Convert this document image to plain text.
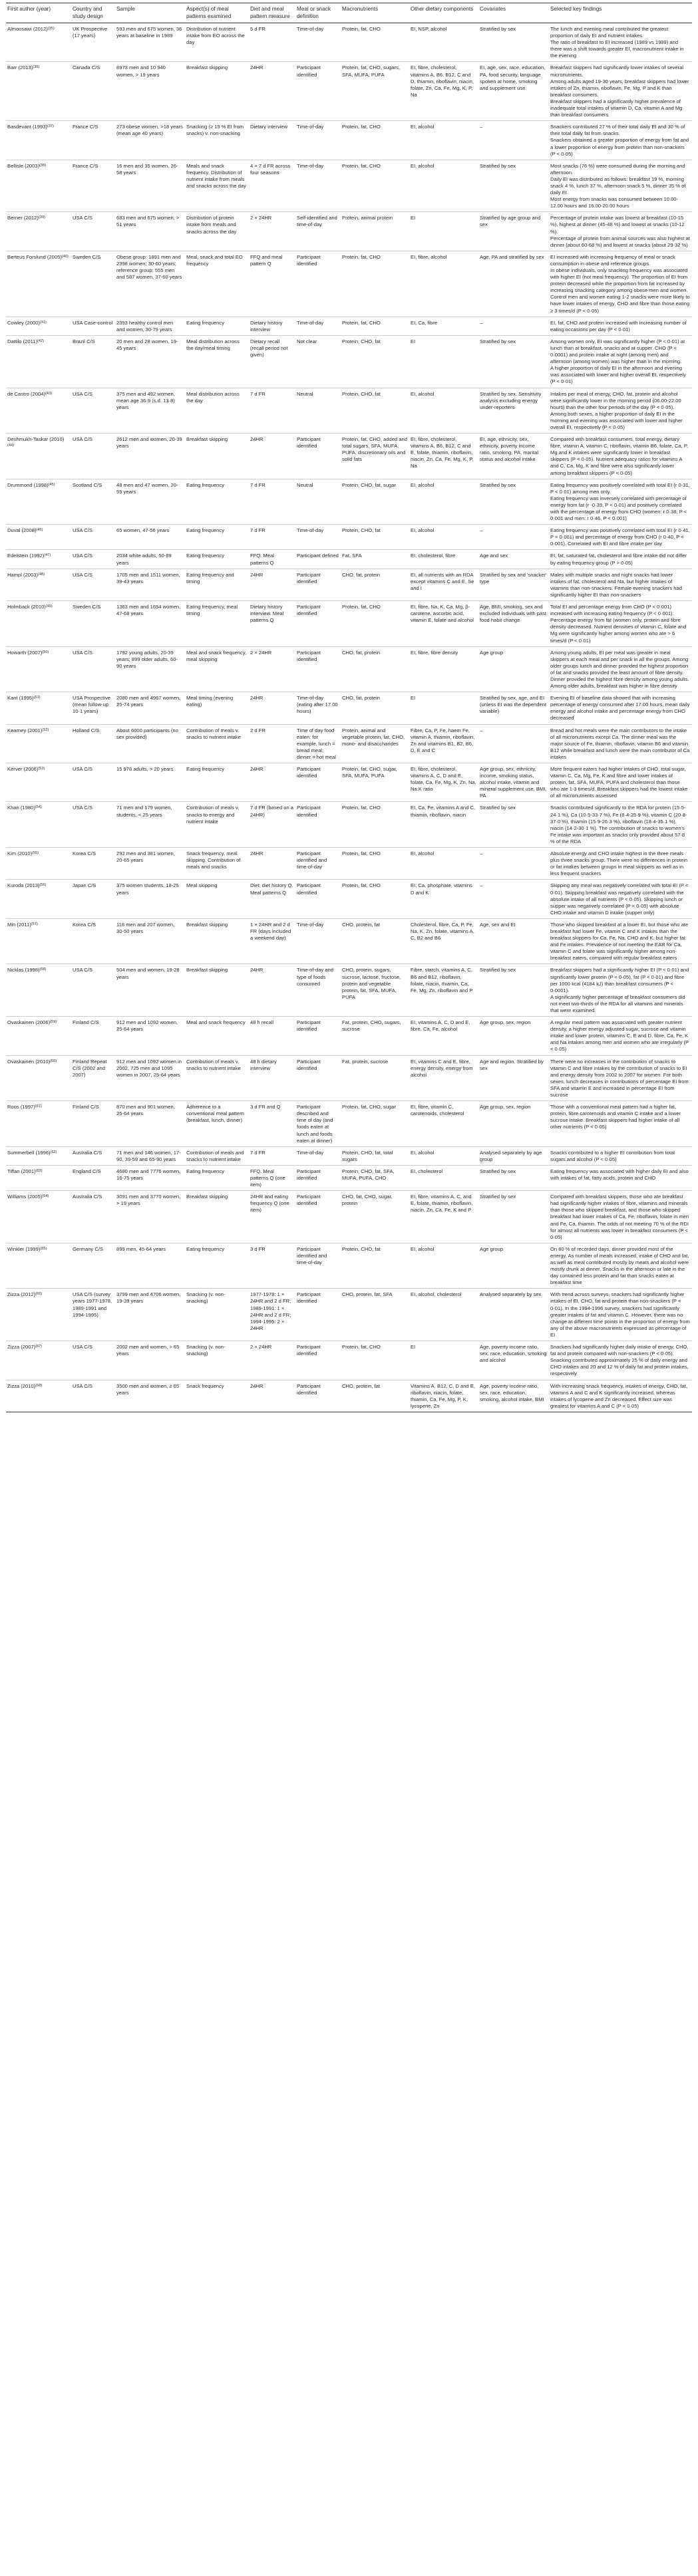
First author (year)	Country and study design	Sample	Aspect(s) of meal patterns examined	Diet and meal pattern measure	Meal or snack definition	Macronutrients	Other dietary components	Covariates	Selected key findings
Almoosawi $(2012)^{(35)}$	UK Prospective (17 years)	593 men and 675 women, 36 years at baseline in 1989	Distribution of nutrient intake from EO across the day	5 d FR	Time-of-day	Protein, fat, CHO	EI, NSP, alcohol	Stratified by sex	The lunch and evening meal contributed the greatest proportion of daily EI and nutrient intakes.
The ratio of breakfast to EI increased (1989 vs 1999) and there was a shift towards greater EI, macronutrient intake in the evening
Barr $(2013)^{(36)}$	Canada C/S	8973 men and 10 940 women, > 19 years	Breakfast skipping	24HR	Participant identified	Protein, fat, CHO, sugars, SFA, MUFA, PUFA	EI, fibre, cholesterol, vitamins A, B6, B12, C and D, thiamin, riboflavin, niacin, folate, Zn, Ca, Fe, Mg, K, P, Na	EI, age, sex, race, education, PA, food security, language spoken at home, smoking and supplement use	Breakfast skippers had significantly lower intakes of several micronutrients.
Among adults aged 19-30 years, breakfast skippers had lower intakes of Zn, thiamin, riboflavin, Fe, Mg, P and K than breakfast consumers.
Breakfast skippers had a significantly higher prevalence of inadequate total intakes of vitamin D, Ca, vitamin A and Mg than breakfast consumers
Basdevant $(1993)^{(37)}$	France C/S	273 obese women, >18 years (mean age 40 years)	Snacking (≥ 15 % EI from snacks) v. non-snacking	Dietary interview	Time-of-day	Protein, fat, CHO	EI, alcohol	–	Snackers contributed 27 % of their total daily EI and 30 % of their total daily fat from snacks.
Snackers obtained a greater proportion of energy from fat and a lower proportion of energy from protein than non-snackers (P < 0·05)
Bellisle $(2003)^{(38)}$	France C/S	16 men and 35 women, 26-58 years	Meals and snack frequency. Distribution of nutrient intake from meals and snacks across the day	4 × 7 d FR across four seasons	Time-of-day	Protein, fat, CHO	EI, alcohol	Stratified by sex	Most snacks (76 %) were consumed during the morning and afternoon.
Daily EI was distributed as follows: breakfast 19 %, morning snack 4 %, lunch 37 %, afternoon snack 5 %, dinner 35 % of daily EI.
Most energy from snacks was consumed between 10.00-12.00 hours and 16.00-20.00 hours
Berner $(2012)^{(39)}$	USA C/S	683 men and 675 women, > 51 years	Distribution of protein intake from meals and snacks across the day	2 × 24HR	Self-identified and time-of-day	Protein, animal protein	EI	Stratified by age group and sex	Percentage of protein intake was lowest at breakfast (10-15 %), highest at dinner (45-48 %) and lowest at snacks (10-12 %).
Percentage of protein from animal sources was also highest at dinner (about 60-68 %) and lowest at snacks (about 29-32 %)
Berteus Forslund $(2005)^{(40)}$	Sweden C/S	Obese group: 1891 men and 2398 women; 30-60 years; reference group: 555 men and 587 women, 37-60 years	Meal, snack and total EO frequency	FFQ and meal pattern Q	Participant identified	Protein, fat, CHO	EI, fibre, alcohol	Age, PA and stratified by sex	EI increased with increasing frequency of meal or snack consumption in obese and reference groups.
In obese individuals, only snacking frequency was associated with higher EI (not meal frequency). The proportion of EI from protein decreased while the proportion from fat increased by increasing snacking category among obese men and women.
Control men and women eating 1-2 snacks were more likely to have lower intakes of energy, CHO and fibre than those eating ≥ 3 times/d (P < 0·05)
Cowley $(2000)^{(41)}$	USA Case-control	2393 healthy control men and women, 30-79 years	Eating frequency	Dietary history interview	Time-of-day	Protein, fat, CHO	EI, Ca, fibre	–	EI, fat, CHO and protein increased with increasing number of eating occasions per day (P < 0·01)
Dattilo $(2011)^{(42)}$	Brazil C/S	20 men and 28 women, 19-45 years	Meal distribution across the day/meal timing	Dietary recall (recall period not given)	Not clear	Protein, CHO, fat	EI	Stratified by sex	Among women only, EI was significantly higher (P < 0·01) at lunch than at breakfast, snacks and at supper. CHO (P < 0·0001) and protein intake at night (among men) and afternoon (among women) was higher than in the morning.
A higher proportion of daily EI in the afternoon and evening was associated with lower and higher overall EI, respectively (P < 0·01)
de Castro $(2004)^{(43)}$	USA C/S	375 men and 492 women, mean age 36·9 (s.d. 13·8) years	Meal distribution across the day	7 d FR	Neutral	Protein, CHO, fat	EI, alcohol	Stratified by sex. Sensitivity analysis excluding energy under-reporters	Intakes per meal of energy, CHO, fat, protein and alcohol were significantly lower in the morning period (06.00-22.00 hours) than the other four periods of the day (P < 0·05).
Among both sexes, a higher proportion of daily EI in the morning and evening was associated with lower and higher overall EI, respectively (P < 0·05)
Deshmukh-Taskar $(2010)^{(44)}$	USA C/S	2612 men and women, 20-39 years	Breakfast skipping	24HR	Participant identified	Protein, fat, CHO, added and total sugars, SFA, MUFA, PUFA, discretionary oils and solid fats	EI, fibre, cholesterol, vitamins A, B6, B12, C and E, folate, thiamin, riboflavin, niacin, Zn, Ca, Fe, Mg, K, P, Na	EI, age, ethnicity, sex, ethnicity, poverty income ratio, smoking, PA, marital status and alcohol intake	Compared with breakfast consumers, total energy, dietary fibre, vitamin A, vitamin C, riboflavin, vitamin B6, folate, Ca, P, Mg and K intakes were significantly lower in breakfast skippers (P < 0·05). Nutrient adequacy ratios for vitamins A and C, Ca, Mg, K and fibre were also significantly lower among breakfast skippers (P < 0·05)
Drummond $(1998)^{(45)}$	Scotland C/S	48 men and 47 women, 20-55 years	Eating frequency	7 d FR	Neutral	Protein, CHO, fat, sugar	EI, alcohol	Stratified by sex	Eating frequency was positively correlated with total EI (r 0·31, P < 0·01) among men only.
Eating frequency was inversely correlated with percentage of energy from fat (r -0·39, P < 0·01) and positively correlated with the percentage of energy from CHO (women: r 0·38, P < 0·001 and men: r 0·46, P < 0·001)
Duval $(2008)^{(46)}$	USA C/S	65 women, 47-56 years	Eating frequency	7 d FR	Time-of-day	Protein, CHO, fat	EI, alcohol	–	Eating frequency was positively correlated with total EI (r 0·41, P = 0·001) and percentage of energy from CHO (r 0·40, P < 0·001). Correlated with EI and fibre intake per day
Edelstein $(1992)^{(47)}$	USA C/S	2034 white adults, 50-89 years	Eating frequency	FFQ. Meal patterns Q	Participant defined	Fat, SFA	EI, cholesterol, fibre	Age and sex	EI, fat, saturated fat, cholesterol and fibre intake did not differ by eating frequency group (P > 0·05)
Hampl $(2003)^{(48)}$	USA C/S	1705 men and 1511 women, 39-43 years	Eating frequency and timing	24HR	Participant identified	CHO, fat, protein	EI, all nutrients with an RDA except vitamins C and E, Se and I	Stratified by sex and 'snacker' type	Males with multiple snacks and night snacks had lower intakes of fat, cholesterol and Na, but higher intakes of vitamins than non-snackers. Female evening snackers had significantly higher EI than non-snackers
Holmback $(2010)^{(49)}$	Sweden C/S	1363 men and 1654 women, 47-68 years	Eating frequency, meal timing	Dietary history interview. Meal patterns Q	Participant identified	Protein, fat, CHO	EI, fibre, Na, K, Ca, Mg, β-carotene, ascorbic acid, vitamin E, folate and alcohol	Age, BMI, smoking, sex and excluded individuals with past food habit change	Total EI and percentage energy from CHO (P < 0·001) increased with increasing eating frequency (P < 0·001). Percentage energy from fat (women only, protein and fibre density decreased. Nutrient densities of vitamin C, folate and Mg were significantly higher among women who ate > 6 times/d (P < 0·01)
Howarth $(2007)^{(50)}$	USA C/S	1792 young adults, 20-39 years; 899 older adults, 60-90 years	Meal and snack frequency, meal skipping	2 × 24HR	Participant identified	CHO, fat, protein	EI, fibre, fibre density	Age group	Among young adults, EI per meal was greater in meal skippers at each meal and per snack in all the groups. Among older groups lunch and dinner provided the highest proportion of fat and snacks provided the least amount of fibre density.
Dinner provided the highest fibre density among young adults. Among older adults, breakfast was higher in fibre density
Kant $(1995)^{(51)}$	USA Prospective (mean follow-up 10·1 years)	2080 men and 4967 women, 25-74 years	Meal timing (evening eating)	24HR	Time-of-day (eating after 17.00 hours)	CHO, fat, protein	EI	Stratified by sex, age, and EI (unless EI was the dependent variable)	Evening EI of baseline data showed that with increasing percentage of energy consumed after 17.00 hours, mean daily energy and alcohol intake and percentage energy from CHO decreased
Kearney $(2001)^{(52)}$	Holland C/S	About 6000 participants (no sex provided)	Contribution of meals v. snacks to nutrient intake	2 d FR	Time of day food eaten: for example, lunch = bread meal; dinner = hot meal	Protein, animal and vegetable protein, fat, CHO, mono- and disaccharides	Fibre, Ca, P, Fe, haem Fe, vitamin A, thiamin, riboflavin, Zn and vitamins B1, B2, B6, D, E and C	–	Bread and hot meals were the main contributors to the intake of all micronutrients except Ca. The dinner meal was the major source of Fe, thiamin, riboflavin, vitamin B6 and vitamin B12 while breakfast and lunch were the main contributor of Ca intakes
Kerver $(2006)^{(53)}$	USA C/S	15 978 adults, > 20 years	Eating frequency	24HR	Participant identified	Protein, fat, CHO, sugar, SFA, MUFA, PUFA	EI, fibre, cholesterol, vitamins A, C, D and E, folate, Ca, Fe, Mg, K, Zn, Na, Na:K ratio	Age group, sex, ethnicity, income, smoking status, alcohol intake, vitamin and mineral supplement use, BMI, PA	More frequent eaters had higher intakes of CHO, total sugar, vitamin C, Ca, Mg, Fe, K and fibre and lower intakes of protein, fat, SFA, MUFA, PUFA and cholesterol than those who ate 1-3 times/d. Breakfast skippers had the lowest intake of all micronutrients assessed
Khan $(1980)^{(54)}$	USA C/S	71 men and 179 women, students, < 25 years	Contribution of meals v. snacks to energy and nutrient intake	7 d FR (based on a 24HR)	Participant identified	Protein, fat, CHO	EI, Ca, Fe, vitamins A and C, thiamin, riboflavin, niacin	Stratified by sex	Snacks contributed significantly to the RDA for protein (15·5-24·1 %), Ca (10·5-33·7 %), Fe (8·4-25·9 %), vitamin C (20·8-37·0 %), thiamin (15·9-26·3 %), riboflavin (18·4-35·1 %), niacin (14·2-30·1 %). The contribution of snacks to women's Fe intake was important as snacks only provided about 57·8 % of the RDA
Kim $(2010)^{(55)}$	Korea C/S	292 men and 381 women, 20-65 years	Snack frequency, meal skipping. Contribution of meals and snacks	24HR	Participant identified and time-of-day	Protein, fat, CHO	EI, alcohol	–	Absolute energy and CHO intake highest in the three meals plus three snacks group. There were no differences in protein or fat intakes between groups in meal skippers as well as in less frequent snackers
Kuroda $(2013)^{(56)}$	Japan C/S	375 women students, 18-25 years	Meal skipping	Diet: diet history Q. Meal patterns Q	Participant identified	Protein, fat, CHO	EI, Ca, phosphate, vitamins D and K	–	Skipping any meal was negatively correlated with total EI (P < 0·01). Skipping breakfast was negatively correlated with the absolute intake of all nutrients (P < 0·05). Skipping lunch or supper was negatively correlated (P < 0·05) with absolute CHO intake and vitamin D intake (supper only)
Min $(2011)^{(57)}$	Korea C/S	118 men and 207 women, 30-50 years	Breakfast skipping	1 × 24HR and 2 d FR (days included a weekend day)	Time-of-day	CHO, protein, fat	Cholesterol, fibre, Ca, P, Fe, Na, K, Zn, folate, vitamins A, C, B2 and B6	Age, sex and EI	Those who skipped breakfast at a lower EI, but those who ate breakfast had lower Fe, vitamin C and K intakes than the breakfast skippers for Ca, Fe, Na, CHO and K, but higher fat and Fe intakes. Prevalence of not meeting the EAR for Ca, vitamin C and folate was significantly higher among non-breakfast eaters, compared with regular breakfast eaters
Nicklas $(1998)^{(58)}$	USA C/S	504 men and women, 19-28 years	Breakfast skipping	24HR	Time-of-day and type of foods consumed	CHO, protein, sugars, sucrose, lactose, fructose, protein and vegetable protein, fat, SFA, MUFA, PUFA	Fibre, starch, vitamins A, C, B6 and B12, riboflavin, folate, niacin, thiamin, Ca, Fe, Mg, Zn, riboflavin and P	Stratified by sex	Breakfast skippers had a significantly higher EI (P < 0·01) and significantly lower protein (P < 0·05), fat (P < 0·01) and fibre per 1000 kcal (4184 kJ) than breakfast consumers (P < 0·0001).
A significantly higher percentage of breakfast consumers did not meet two-thirds of the RDA for all vitamins and minerals that were examined
Ovaskainen $(2006)^{(59)}$	Finland C/S	912 men and 1092 women, 25-64 years	Meal and snack frequency	48 h recall	Participant identified	Fat, protein, CHO, sugars, sucrose	EI, vitamins A, C, D and E, fibre, Ca, Fe, alcohol	Age group, sex, region	A regular meal pattern was associated with greater nutrient density, a higher energy adjusted sugar, sucrose and vitamin intake and lower protein, vitamins C, E and D, fibre, Ca, Fe, K and Na intakes among men and women who ate irregularly (P < 0·05)
Ovaskainen $(2010)^{(60)}$	Finland Repeat C/S (2002 and 2007)	912 men and 1092 women in 2002, 725 men and 1095 women in 2007, 25-64 years	Contribution of meals v. snacks to nutrient intake	48 h dietary interview	Participant identified	Fat, protein, sucrose	EI, vitamins C and E, fibre, energy density, energy from alcohol	Age and region. Stratified by sex	There were no increases in the contribution of snacks to vitamin C and fibre intakes by the contribution of snacks to EI and energy density from 2002 to 2007 for women. For both sexes, lunch decreases in contributions of percentage EI from SFA and vitamin E and increased in percentage EI from sucrose
Roos $(1997)^{(61)}$	Finland C/S	870 men and 901 women, 25-64 years	Adherence to a conventional meal pattern (breakfast, lunch, dinner)	3 d FR and Q	Participant described and time of day (and foods eaten at lunch and foods eaten at dinner)	Protein, fat, CHO, sugar	EI, fibre, vitamin C, carotenoids, cholesterol	Age group, sex, region	Those with a conventional meal pattern had a higher fat, protein, fibre carotenoids and vitamin C intake and a lower sucrose intake. Breakfast skippers had higher intake of all other nutrients (P < 0·05)
Summerbell $(1996)^{(62)}$	Australia C/S	71 men and 146 women, 17-90, 39-59 and 65-90 years	Contribution of meals and snacks to nutrient intake	7 d FR	Time-of-day	Protein, CHO, fat, total sugars	EI, alcohol	Analysed separately by age group	Snacks contributed to a higher EI contribution from total sugars and alcohol (P < 0·05)
Tiffan $(2001)^{(63)}$	England C/S	4680 men and 7776 women, 16-75 years	Eating frequency	FFQ. Meal patterns Q (one item)	Participant identified	Protein, CHO, fat, SFA, MUFA, PUFA, CHO	EI, cholesterol	Stratified by sex	Eating frequency was associated with higher daily EI and also with intakes of fat, fatty acids, protein and CHO
Williams $(2005)^{(64)}$	Australia C/S	3091 men and 3770 women, > 19 years	Breakfast skipping	24HR and eating frequency Q (one item)	Participant identified	CHO, fat, CHO, sugar, protein	EI, fibre, vitamins A, C, and E, folate, thiamin, riboflavin, niacin, Zn, Ca, Fe, K and P	Stratified by sex	Compared with breakfast skippers, those who ate breakfast had significantly higher intakes of fibre, vitamins and minerals than those who skipped breakfast, and those who skipped breakfast had lower intakes of Ca, Fe, riboflavin, folate in men and Fe, Ca, thiamin. The odds of not meeting 70 % of the RDI for almost all nutrients was lower in breakfast consumers (P < 0·05)
Winkler $(1999)^{(65)}$	Germany C/S	899 men, 45-64 years	Eating frequency	3 d FR	Participant identified and time-of-day	Protein, CHO, fat	EI, alcohol	Age group	On 80 % of recorded days, dinner provided most of the energy. As number of meals increased, intake of CHO and fat, as well as meal contributed mostly by meats and alcohol were mostly drunk at dinner. Snacks in the afternoon or late in the day contained less protein and fat than snacks eaten at breakfast time
Zizza $(2012)^{(66)}$	USA C/S (survey years 1977-1978, 1989-1991 and 1994-1995)	3799 men and 4706 women, 19-39 years	Snacking (v. non-snacking)	1977-1978: 1 × 24HR and 2 d FR; 1989-1991: 1 × 24HR and 2 d FR; 1994-1995: 2 × 24HR	Participant identified	CHO, protein, fat, SFA	EI, alcohol, cholesterol	Analysed separately by sex	With trend across surveys, snackers had significantly higher intakes of EI, CHO, fat and protein than non-snackers (P < 0·01). In the 1994-1996 survey, snackers had significantly greater intakes of fat and vitamin C. However, there was no change at different time points in the proportion of energy from any of the above macronutrients expressed as percentage of EI
Zizza $(2007)^{(67)}$	USA C/S	2002 men and women, > 65 years	Snacking (v. non-snacking)	2 × 24HR	Participant identified	Protein, fat, CHO	EI	Age, poverty income ratio, sex, race, education, smoking and alcohol	Snackers had significantly higher daily intake of energy, CHO, fat and protein compared with non-snackers (P < 0·05). Snacking contributed approximately 25 % of daily energy and CHO intakes and 20 and 12 % of daily fat and protein intakes, respectively
Zizza $(2010)^{(68)}$	USA C/S	3500 men and women, ≥ 65 years	Snack frequency	24HR	Participant identified	CHO, protein, fat	Vitamins A, B12, C, D and E, riboflavin, niacin, folate, thiamin, Ca, Fe, Mg, P, K, lycopene, Zn	Age, poverty income ratio, sex, race, education, smoking, alcohol intake, BMI	With increasing snack frequency, intakes of energy, CHO, fat, vitamins A and C and K significantly increased, whereas intakes of lycopene and Zn decreased. Effect size was greatest for vitamins A and C (P < 0·05)
